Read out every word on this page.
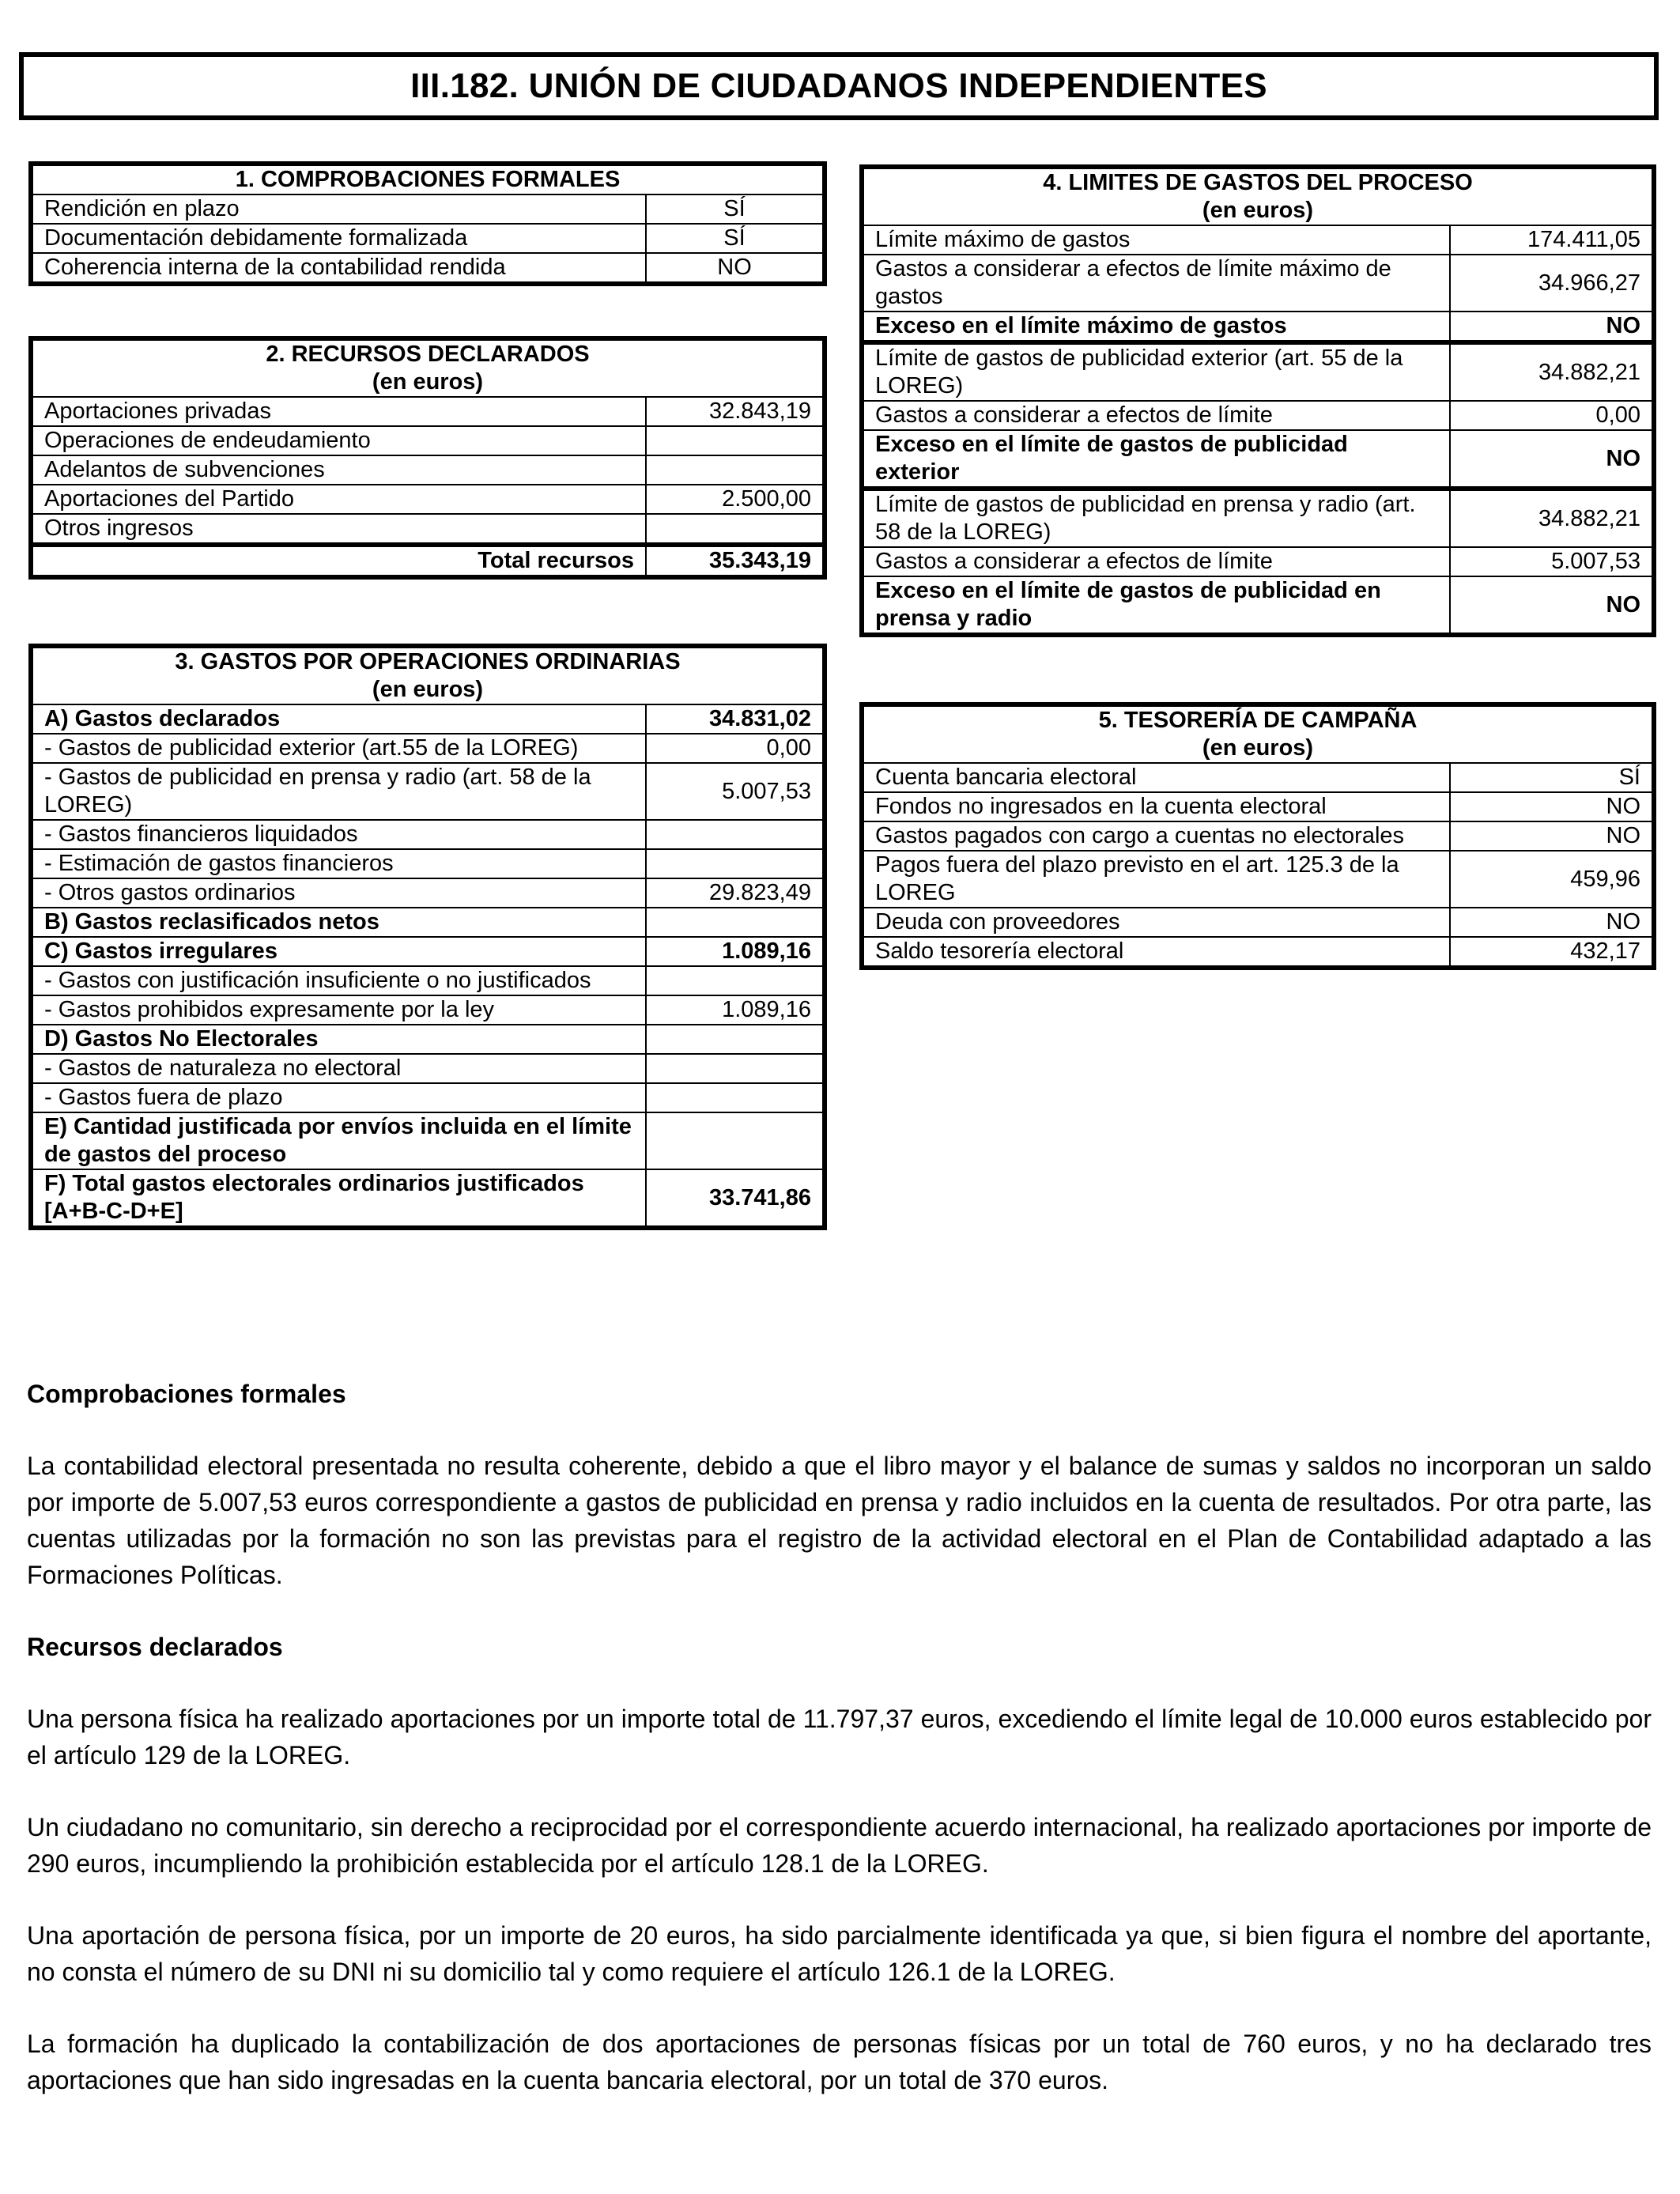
III.182. UNIÓN DE CIUDADANOS INDEPENDIENTES
1. COMPROBACIONES FORMALES	
Rendición en plazo	SÍ
Documentación debidamente formalizada	SÍ
Coherencia interna de la contabilidad rendida	NO
2. RECURSOS DECLARADOS
(en euros)	

Aportaciones privadas	32.843,19
Operaciones de endeudamiento	
Adelantos de subvenciones	
Aportaciones del Partido	2.500,00
Otros ingresos	
Total recursos	35.343,19
3. GASTOS POR OPERACIONES ORDINARIAS
(en euros)	

A) Gastos declarados	34.831,02
- Gastos de publicidad exterior (art.55 de la LOREG)	0,00
- Gastos de publicidad en prensa y radio (art. 58 de la LOREG)	5.007,53
- Gastos financieros liquidados	
- Estimación de gastos financieros	
- Otros gastos ordinarios	29.823,49
B) Gastos reclasificados netos	
C) Gastos irregulares	1.089,16
- Gastos con justificación insuficiente o no justificados	
- Gastos prohibidos expresamente por la ley	1.089,16
D) Gastos No Electorales	
- Gastos de naturaleza no electoral	
- Gastos fuera de plazo	
E) Cantidad justificada por envíos incluida en el límite de gastos del proceso	
F) Total gastos electorales ordinarios justificados [A+B-C-D+E]	33.741,86
4. LIMITES DE GASTOS DEL PROCESO
(en euros)	

Límite máximo de gastos	174.411,05
Gastos a considerar a efectos de límite máximo de gastos	34.966,27
Exceso en el límite máximo de gastos	NO
Límite de gastos de publicidad exterior (art. 55 de la LOREG)	34.882,21
Gastos a considerar a efectos de límite	0,00
Exceso en el límite de gastos de publicidad exterior	NO
Límite de gastos de publicidad en prensa y radio (art. 58 de la LOREG)	34.882,21
Gastos a considerar a efectos de límite	5.007,53
Exceso en el límite de gastos de publicidad en prensa y radio	NO
5. TESORERÍA DE CAMPAÑA
(en euros)	

Cuenta bancaria electoral	SÍ
Fondos no ingresados en la cuenta electoral	NO
Gastos pagados con cargo a cuentas no electorales	NO
Pagos fuera del plazo previsto en el art. 125.3 de la LOREG	459,96
Deuda con proveedores	NO
Saldo tesorería electoral	432,17
Comprobaciones formales

La contabilidad electoral presentada no resulta coherente, debido a que el libro mayor y el balance de sumas y saldos no incorporan un saldo por importe de 5.007,53 euros correspondiente a gastos de publicidad en prensa y radio incluidos en la cuenta de resultados. Por otra parte, las cuentas utilizadas por la formación no son las previstas para el registro de la actividad electoral en el Plan de Contabilidad adaptado a las Formaciones Políticas.

Recursos declarados

Una persona física ha realizado aportaciones por un importe total de 11.797,37 euros, excediendo el límite legal de 10.000 euros establecido por el artículo 129 de la LOREG.

Un ciudadano no comunitario, sin derecho a reciprocidad por el correspondiente acuerdo internacional, ha realizado aportaciones por importe de 290 euros, incumpliendo la prohibición establecida por el artículo 128.1 de la LOREG.

Una aportación de persona física, por un importe de 20 euros, ha sido parcialmente identificada ya que, si bien figura el nombre del aportante, no consta el número de su DNI ni su domicilio tal y como requiere el artículo 126.1 de la LOREG.

La formación ha duplicado la contabilización de dos aportaciones de personas físicas por un total de 760 euros, y no ha declarado tres aportaciones que han sido ingresadas en la cuenta bancaria electoral, por un total de 370 euros.
